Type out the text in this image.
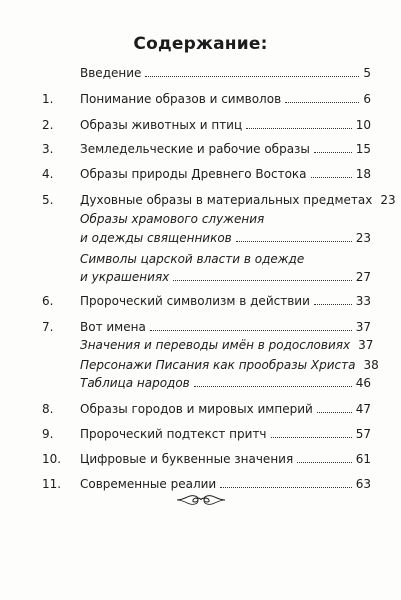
Содержание:
Введение	5
1. Понимание образов и символов	6
2. Образы животных и птиц	10
3. Земледельческие и рабочие образы	15
4. Образы природы Древнего Востока	18
5. Духовные образы в материальных предметах 23
Образы храмового служения
и одежды священников	23
Символы царской власти в одежде
и украшениях	27
6. Пророческий символизм в действии	33
7. Вот имена	37
Значения и переводы имён в родословиях 37
Персонажи Писания как прообразы Христа 38
Таблица народов	46
8. Образы городов и мировых империй	47
9. Пророческий подтекст притч	57
10. Цифровые и буквенные значения	61
11. Современные реалии	63
